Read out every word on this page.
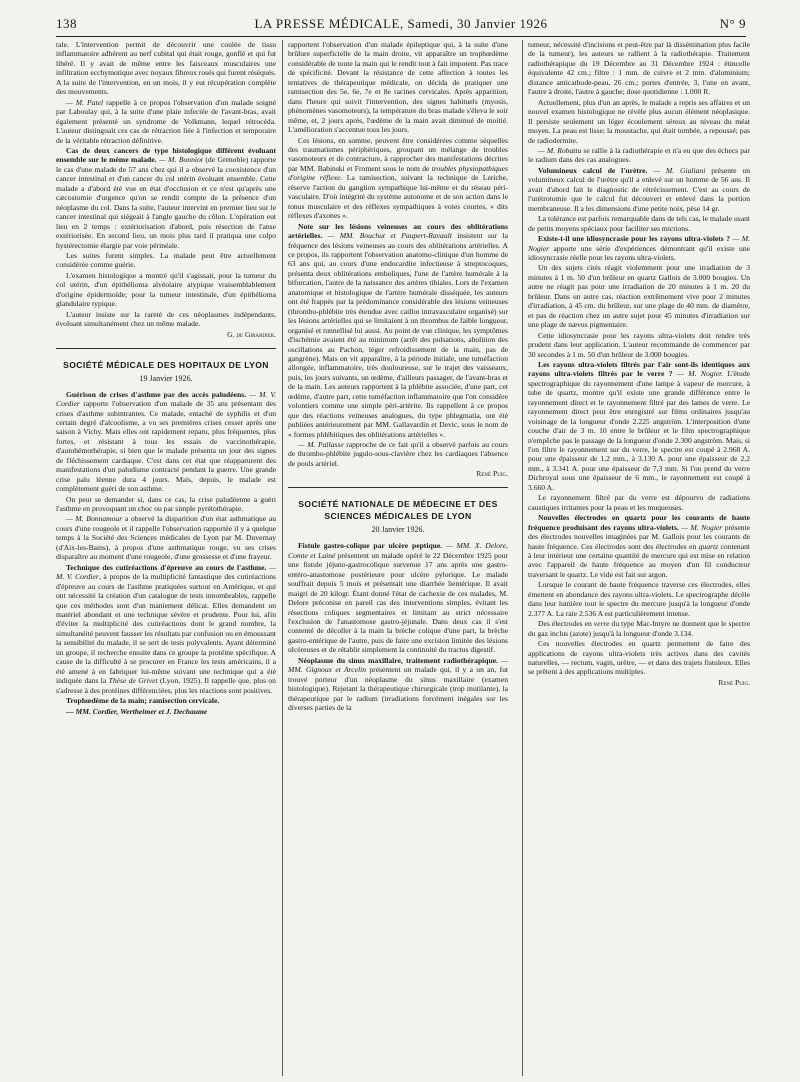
138	LA PRESSE MÉDICALE, Samedi, 30 Janvier 1926	N° 9

tale. L'intervention permit de découvrir une coulée de tissu inflammatoire adhérent au nerf cubital qui était rouge, gonflé et qui fut libéré. Il y avait de même entre les faisceaux musculaires une infiltration ecchymotique avec noyaux fibreux rosés qui furent réséqués. A la suite de l'intervention, en un mois, il y eut récupération complète des mouvements.

— M. Patel rappelle à ce propos l'observation d'un malade soigné par Laboulay qui, à la suite d'une plaie infectée de l'avant-bras, avait également présenté un syndrome de Volkmann, lequel rétrocéda. L'auteur distinguait ces cas de rétraction liée à l'infection et temporaire de la véritable rétraction définitive.

Cas de deux cancers de type histologique différent évoluant ensemble sur le même malade. — M. Bonniot (de Grenoble) rapporte le cas d'une malade de 57 ans chez qui il a observé la coexistence d'un cancer intestinal et d'un cancer du col utérin évoluant ensemble. Cette malade a d'abord été vue en état d'occlusion et ce n'est qu'après une cæcostomie d'urgence qu'on se rendit compte de la présence d'un néoplasme du col. Dans la suite, l'auteur intervint en premier lieu sur le cancer intestinal qui siégeait à l'angle gauche du côlon. L'opération eut lieu en 2 temps : extériorisation d'abord, puis résection de l'anse extériorisée. En second lieu, un mois plus tard il pratiqua une colpo hystérectomie élargie par voie périnéale.

Les suites furent simples. La malade peut être actuellement considérée comme guérie.

L'examen histologique a montré qu'il s'agissait, pour la tumeur du col utérin, d'un épithélioma alvéolaire atypique vraisemblablement d'origine épidermoïde; pour la tumeur intestinale, d'un épithélioma glandulaire typique.

L'auteur insiste sur la rareté de ces néoplasmes indépendants, évoluant simultanément chez un même malade.

G. de Girardier.
SOCIÉTÉ MÉDICALE DES HOPITAUX DE LYON
19 Janvier 1926.

Guérison de crises d'asthme par des accès paludéens. — M. V. Cordier rapporte l'observation d'un malade de 35 ans présentant des crises d'asthme subintrantes. Ce malade, entaché de syphilis et d'un certain degré d'alcoolisme, a vu ses premières crises cesser après une saison à Vichy. Mais elles ont rapidement reparu, plus fréquentes, plus fortes, et résistant à tous les essais de vaccinothérapie, d'autohémothérapie, si bien que le malade présenta un jour des signes de fléchissement cardiaque. C'est dans cet état que réapparurent des manifestations d'un paludisme contracté pendant la guerre. Une grande crise palu léenne dura 4 jours. Mais, depuis, le malade est complètement guéri de son asthme.

On peut se demander si, dans ce cas, la crise paludéenne a guéri l'asthme en provoquant un choc ou par simple pyrétothérapie.

— M. Bonnamour a observé la disparition d'un état asthmatique au cours d'une rougeole et il rappelle l'observation rapportée il y a quelque temps à la Société des Sciences médicales de Lyon par M. Duvernay (d'Aix-les-Bains), à propos d'une asthmatique rouge, vu ses crises disparaître au moment d'une rougeole, d'une grossesse et d'une frayeur.

Technique des cutiréactions d'épreuve au cours de l'asthme. — M. V. Cordier, à propos de la multiplicité fantastique des cutiréactions d'épreuve au cours de l'asthme pratiquées surtout en Amérique, et qui ont nécessité la création d'un catalogue de tests innombrables, rappelle que ces méthodes sont d'un maniement délicat. Elles demandent un matériel abondant et une technique sévère et prudente. Pour lui, afin d'éviter la multiplicité des cutiréactions dont le grand nombre, la simultanéité peuvent fausser les résultats par confusion ou en émoussant la sensibilité du malade, il se sert de tests polyvalents. Ayant déterminé un groupe, il recherche ensuite dans ce groupe la protéine spécifique. A cause de la difficulté à se procurer en France les tests américains, il a été amené à en fabriquer lui-même suivant une technique qui a été indiquée dans la Thèse de Grivet (Lyon, 1925). Il rappelle que, plus on s'adresse à des protéines différenciées, plus les réactions sont positives.

Trophœdème de la main; ramisection cervicale.

— MM. Cordier, Wertheimer et J. Dechaume

rapportent l'observation d'un malade épileptique qui, à la suite d'une brûlure superficielle de la main droite, vit apparaître un trophœdème considérable de toute la main qui le rendit tout à fait impotent. Pas trace de spécificité. Devant la résistance de cette affection à toutes les tentatives de thérapeutique médicale, on décida de pratiquer une ramisection des 5e, 6e, 7e et 8e racines cervicales. Après apparition, dans l'heure qui suivit l'intervention, des signes habituels (myosis, phénomènes vasomoteurs), la température du bras malade s'éleva le soir même, et, 2 jours après, l'œdème de la main avait diminué de moitié. L'amélioration s'accentue tous les jours.

Ces lésions, en somme, peuvent être considérées comme séquelles des traumatismes périphériques, groupant un mélange de troubles vasomoteurs et de contracture, à rapprocher des manifestations décrites par MM. Babinski et Froment sous le nom de troubles physiopathiques d'origine réflexe. La ramisection, suivant la technique de Leriche, réserve l'action du ganglion sympathique lui-même et du réseau péri-vasculaire. D'où intégrité du système autonome et de son action dans le tonus musculaire et des réflexes sympathiques à voies courtes, « dits réflexes d'axones ».

Note sur les lésions veineuses au cours des oblitérations artérielles. — MM. Bouchut et Paupert-Ravault insistent sur la fréquence des lésions veineuses au cours des oblitérations artérielles. A ce propos, ils rapportent l'observation anatomo-clinique d'un homme de 63 ans qui, au cours d'une endocardite infectieuse à streptocoques, présenta deux oblitérations emboliques, l'une de l'artère humérale à la bifurcation, l'autre de la naissance des artères tibiales. Lors de l'examen anatomique et histologique de l'artère humérale disséquée, les auteurs ont été frappés par la prédominance considérable des lésions veineuses (thrombo-phlébite très étendue avec caillot intravasculaire organisé) sur les lésions artérielles qui se limitaient à un thrombus de faible longueur, organisé et tunnellisé lui aussi. Au point de vue clinique, les symptômes d'ischémie avaient été au minimum (arrêt des pulsations, abolition des oscillations au Pachon, léger refroidissement de la main, pas de gangrène). Mais on vit apparaître, à la période initiale, une tuméfaction allongée, inflammatoire, très douloureuse, sur le trajet des vaisseaux, puis, les jours suivants, un œdème, d'ailleurs passager, de l'avant-bras et de la main. Les auteurs rapportent à la phlébite associée, d'une part, cet œdème, d'autre part, cette tuméfaction inflammatoire que l'on considère volontiers comme une simple péri-artérite. Ils rappellent à ce propos que des réactions veineuses analogues, du type phlegmatia, ont été publiées antérieurement par MM. Gallavardin et Devic, sous le nom de « formes phlébitiques des oblitérations artérielles ».

— M. Pallasse rapproche de ce fait qu'il a observé parfois au cours de thrombo-phlébite jugulo-sous-clavière chez les cardiaques l'absence de pouls artériel.

René Puig.
SOCIÉTÉ NATIONALE DE MÉDECINE ET DES SCIENCES MÉDICALES DE LYON
20 Janvier 1926.

Fistule gastro-colique par ulcère peptique. — MM. X. Delore, Comte et Lainé présentent un malade opéré le 22 Décembre 1925 pour une fistule jéjuno-gastrocolique survenue 17 ans après une gastro-entéro-anastomose postérieure pour ulcère pylorique. Le malade souffrait depuis 5 mois et présentait une diarrhée lientérique. Il avait maigri de 20 kilogr. Étant donné l'état de cachexie de ces malades, M. Delore préconise en pareil cas des interventions simples, évitant les résections coliques segmentaires et limitant au strict nécessaire l'exclusion de l'anastomose gastro-jéjunale. Dans deux cas il s'est contenté de décoller à la main la brèche colique d'une part, la brèche gastro-entérique de l'autre, puis de faire une excision limitée des lésions ulcéreuses et de rétablir simplement la continuité du tractus digestif.

Néoplasme du sinus maxillaire, traitement radiothérapique. — MM. Gignoux et Arcelin présentent un malade qui, il y a un an, fut trouvé porteur d'un néoplasme du sinus maxillaire (examen histologique). Rejetant la thérapeutique chirurgicale (trop mutilante), la thérapeutique par le radium (irradiations forcément inégales sur les diverses parties de la

tumeur, nécessité d'incisions et peut-être par là dissémination plus facile de la tumeur), les auteurs se rallient à la radiothérapie. Traitement radiothérapique du 19 Décembre au 31 Décembre 1924 : étincelle équivalente 42 cm.; filtre : 1 mm. de cuivre et 2 mm. d'aluminium; distance anticathode-peau, 26 cm.; portes d'entrée, 3, l'une en avant, l'autre à droite, l'autre à gauche; dose quotidienne : 1.000 R.

Actuellement, plus d'un an après, le malade a repris ses affaires et un nouvel examen histologique ne révèle plus aucun élément néoplasique. Il persiste seulement un léger écoulement séreux au niveau du méat moyen. La peau est lisse; la moustache, qui était tombée, a repoussé; pas de radiodermite.

— M. Robattu se rallie à la radiothérapie et n'a eu que des échecs par le radium dans des cas analogues.

Volumineux calcul de l'urètre. — M. Gialiani présente un volumineux calcul de l'urètre qu'il a enlevé sur un homme de 56 ans. Il avait d'abord fait le diagnostic de rétrécissement. C'est au cours de l'urétrotomie que le calcul fut découvert et enlevé dans la portion membraneuse. Il a les dimensions d'une petite noix, pèse 14 gr.

La tolérance est parfois remarquable dans de tels cas, le malade usant de petits moyens spéciaux pour faciliter ses mictions.

Existe-t-il une idiosyncrasie pour les rayons ultra-violets ? — M. Nogier apporte une série d'expériences démontrant qu'il existe une idiosyncrasie réelle pour les rayons ultra-violets.

Un des sujets cités réagit violemment pour une irradiation de 3 minutes à 1 m. 50 d'un brûleur en quartz Gallois de 3.000 bougies. Un autre ne réagit pas pour une irradiation de 20 minutes à 1 m. 20 du brûleur. Dans un autre cas, réaction extrêmement vive pour 2 minutes d'irradiation, à 45 cm. du brûleur, sur une plage de 40 mm. de diamètre, et pas de réaction chez un autre sujet pour 45 minutes d'irradiation sur une plage de nævus pigmentaire.

Cette idiosyncrasie pour les rayons ultra-violets doit rendre très prudent dans leur application. L'auteur recommande de commencer par 30 secondes à 1 m. 50 d'un brûleur de 3.000 bougies.

Les rayons ultra-violets filtrés par l'air sont-ils identiques aux rayons ultra-violets filtrés par le verre ? — M. Nogier. L'étude spectrographique du rayonnement d'une lampe à vapeur de mercure, à tube de quartz, montre qu'il existe une grande différence entre le rayonnement direct et le rayonnement filtré par des lames de verre. Le rayonnement direct peut être enregistré sur films ordinaires jusqu'au voisinage de la longueur d'onde 2.225 angström. L'interposition d'une couche d'air de 3 m. 10 entre le brûleur et le film spectrographique n'empêche pas le passage de la longueur d'onde 2.300 angström. Mais, si l'on filtre le rayonnement sur du verre, le spectre est coupé à 2.968 A. pour une épaisseur de 1,2 mm., à 3.130 A. pour une épaisseur de 2,2 mm., à 3.341 A. pour une épaisseur de 7,3 mm. Si l'on prend du verre Dichroyal sous une épaisseur de 6 mm., le rayonnement est coupé à 3.660 A.

Le rayonnement filtré par du verre est dépourvu de radiations caustiques irritantes pour la peau et les muqueuses.

Nouvelles électrodes en quartz pour les courants de haute fréquence produisant des rayons ultra-violets. — M. Nogier présente des électrodes nouvelles imaginées par M. Gallois pour les courants de haute fréquence. Ces électrodes sont des électrodes en quartz contenant à leur intérieur une certaine quantité de mercure qui est mise en relation avec l'appareil de haute fréquence au moyen d'un fil conducteur traversant le quartz. Le vide est fait sur argon.

Lorsque le courant de haute fréquence traverse ces électrodes, elles émettent en abondance des rayons ultra-violets. Le spectrographe décèle dans leur lumière tout le spectre du mercure jusqu'à la longueur d'onde 2.377 A. La raie 2.536 A est particulièrement intense.

Des électrodes en verre du type Mac-Intyre ne donnent que le spectre du gaz inclus (azote) jusqu'à la longueur d'onde 3.134.

Ces nouvelles électrodes en quartz permettent de faire des applications de rayons ultra-violets très actives dans des cavités naturelles, — rectum, vagin, urètre, — et dans des trajets fistuleux. Elles se prêtent à des applications multiples.

René Puig.
